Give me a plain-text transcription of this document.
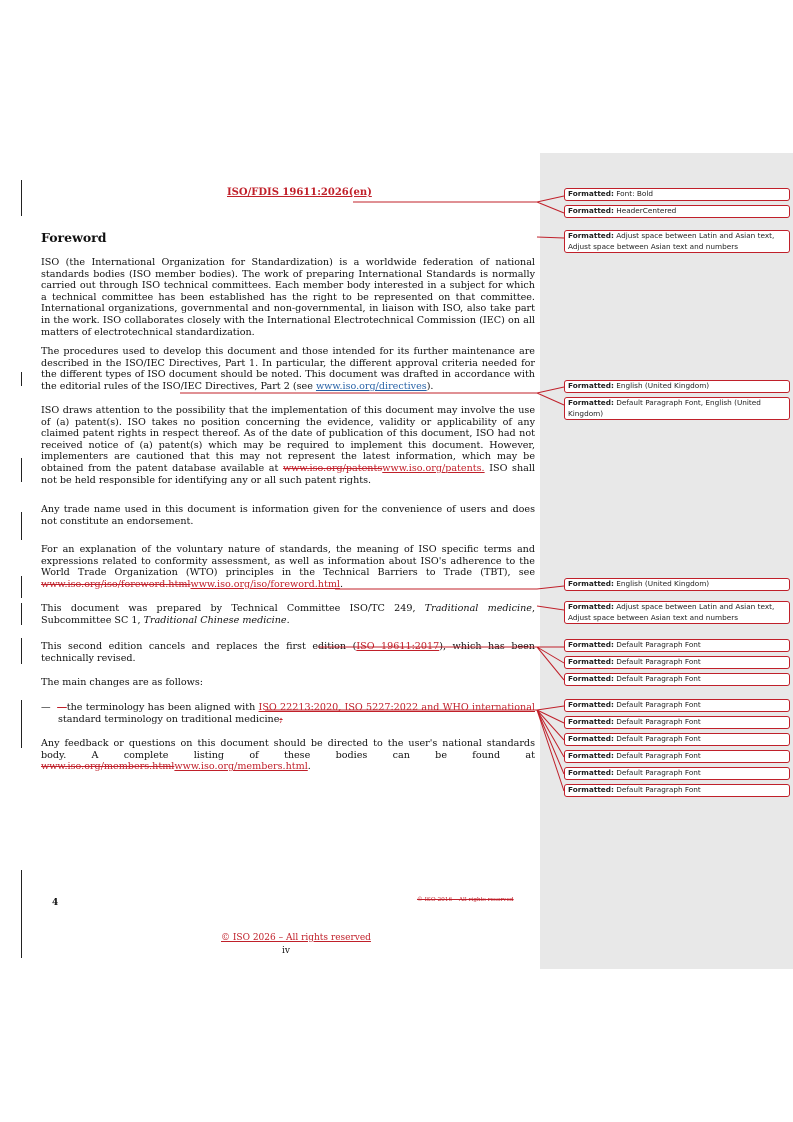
ISO/FDIS 19611:2026(en)
Foreword
ISO (the International Organization for Standardization) is a worldwide federation of national standards bodies (ISO member bodies). The work of preparing International Standards is normally carried out through ISO technical committees. Each member body interested in a subject for which a technical committee has been established has the right to be represented on that committee. International organizations, governmental and non-governmental, in liaison with ISO, also take part in the work. ISO collaborates closely with the International Electrotechnical Commission (IEC) on all matters of electrotechnical standardization.
The procedures used to develop this document and those intended for its further maintenance are described in the ISO/IEC Directives, Part 1. In particular, the different approval criteria needed for the different types of ISO document should be noted. This document was drafted in accordance with the editorial rules of the ISO/IEC Directives, Part 2 (see www.iso.org/directives).
ISO draws attention to the possibility that the implementation of this document may involve the use of (a) patent(s). ISO takes no position concerning the evidence, validity or applicability of any claimed patent rights in respect thereof. As of the date of publication of this document, ISO had not received notice of (a) patent(s) which may be required to implement this document. However, implementers are cautioned that this may not represent the latest information, which may be obtained from the patent database available at www.iso.org/patentswww.iso.org/patents. ISO shall not be held responsible for identifying any or all such patent rights.
Any trade name used in this document is information given for the convenience of users and does not constitute an endorsement.
For an explanation of the voluntary nature of standards, the meaning of ISO specific terms and expressions related to conformity assessment, as well as information about ISO's adherence to the World Trade Organization (WTO) principles in the Technical Barriers to Trade (TBT), see www.iso.org/iso/foreword.htmlwww.iso.org/iso/foreword.html.
This document was prepared by Technical Committee ISO/TC 249, Traditional medicine, Subcommittee SC 1, Traditional Chinese medicine.
This second edition cancels and replaces the first edition (ISO 19611:2017), which has been technically revised.
The main changes are as follows:
— —the terminology has been aligned with ISO 22213:2020, ISO 5227:2022 and WHO international standard terminology on traditional medicine;
Any feedback or questions on this document should be directed to the user's national standards body. A complete listing of these bodies can be found at www.iso.org/members.htmlwww.iso.org/members.html.
4	© ISO 2016 – All rights reserved
© ISO 2026 – All rights reserved
iv
Formatted: Font: Bold
Formatted: HeaderCentered
Formatted: Adjust space between Latin and Asian text, Adjust space between Asian text and numbers
Formatted: English (United Kingdom)
Formatted: Default Paragraph Font, English (United Kingdom)
Formatted: English (United Kingdom)
Formatted: Adjust space between Latin and Asian text, Adjust space between Asian text and numbers
Formatted: Default Paragraph Font
Formatted: Default Paragraph Font
Formatted: Default Paragraph Font
Formatted: Default Paragraph Font
Formatted: Default Paragraph Font
Formatted: Default Paragraph Font
Formatted: Default Paragraph Font
Formatted: Default Paragraph Font
Formatted: Default Paragraph Font
